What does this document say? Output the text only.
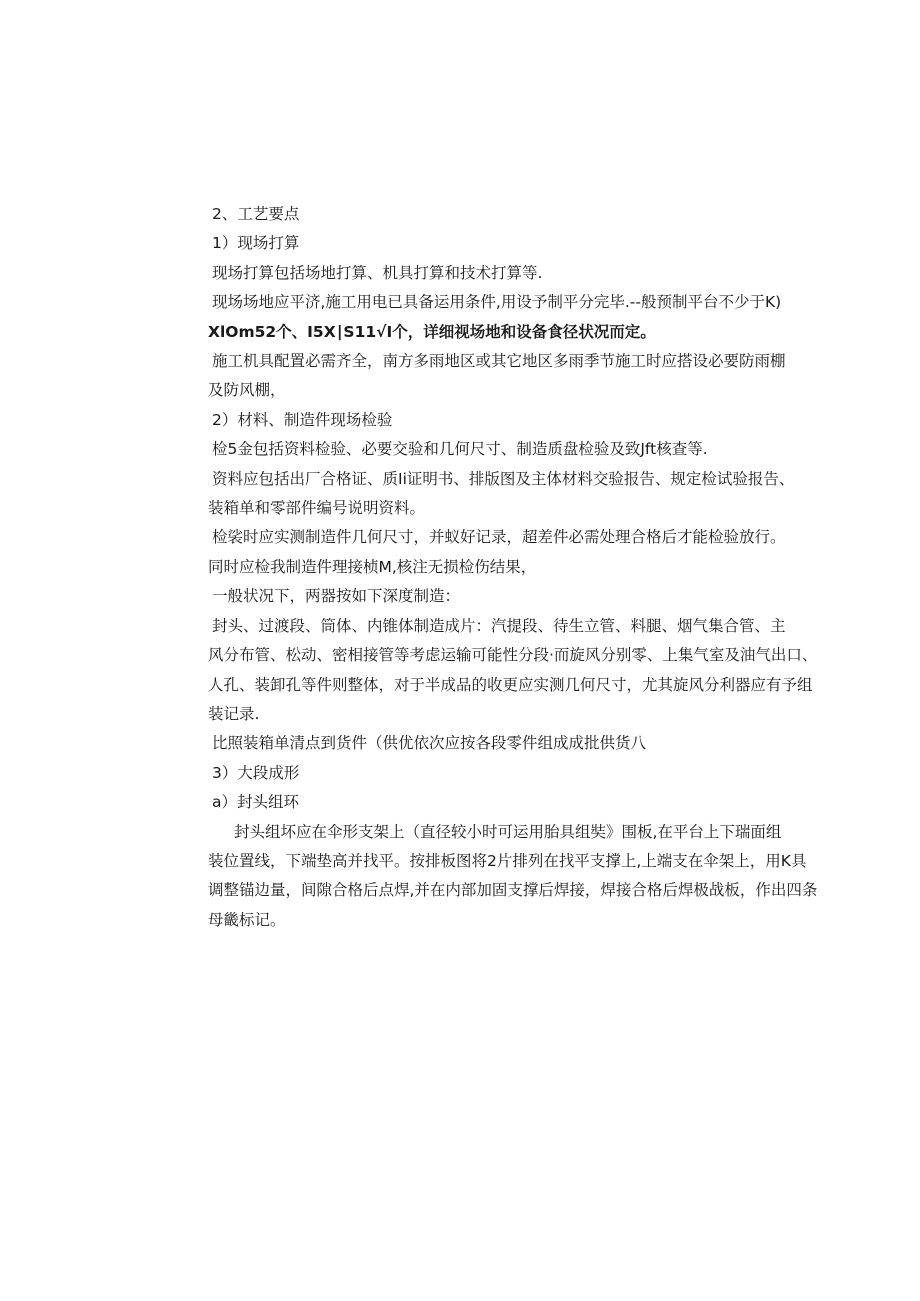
2、工艺要点
1）现场打算
现场打算包括场地打算、机具打算和技术打算等.
现场场地应平济,施工用电已具备运用条件,用设予制平分完毕.--般预制平台不少于K)
XlOm52个、I5X∣S11√I个，详细视场地和设备食径状况而定。
施工机具配置必需齐全，南方多雨地区或其它地区多雨季节施工时应搭设必要防雨棚
及防风棚，
2）材料、制造件现场检验
检5金包括资料检验、必要交验和几何尺寸、制造质盘检验及致Jft核查等.
资料应包括出厂合格证、质Ii证明书、排版图及主体材料交验报告、规定检试验报告、
装箱单和零部件编号说明资料。
检裟时应实测制造件几何尺寸，并蚁好记录，超差件必需处理合格后才能检验放行。
同时应检我制造件理接桢M,核注无损检伤结果，
一般状况下，两器按如下深度制造：
封头、过渡段、筒体、内锥体制造成片：汽提段、待生立管、料腿、烟气集合管、主
风分布管、松动、密相接管等考虑运输可能性分段·而旋风分别零、上集气室及油气出口、
人孔、装卸孔等件则整体，对于半成品的收更应实测几何尺寸，尤其旋风分利器应有予组
装记录.
比照装箱单清点到货件（供优依次应按各段零件组成成批供货八
3）大段成形
a）封头组环
封头组坏应在伞形支架上（直径较小时可运用胎具组奘》围板,在平台上下瑞面组
装位置线，下端垫高并找平。按排板图将2片排列在找平支撑上,上端支在伞架上，用K具
调整锚边量，间隙合格后点焊,并在内部加固支撑后焊接，焊接合格后焊极战板，作出四条
母畿标记。
